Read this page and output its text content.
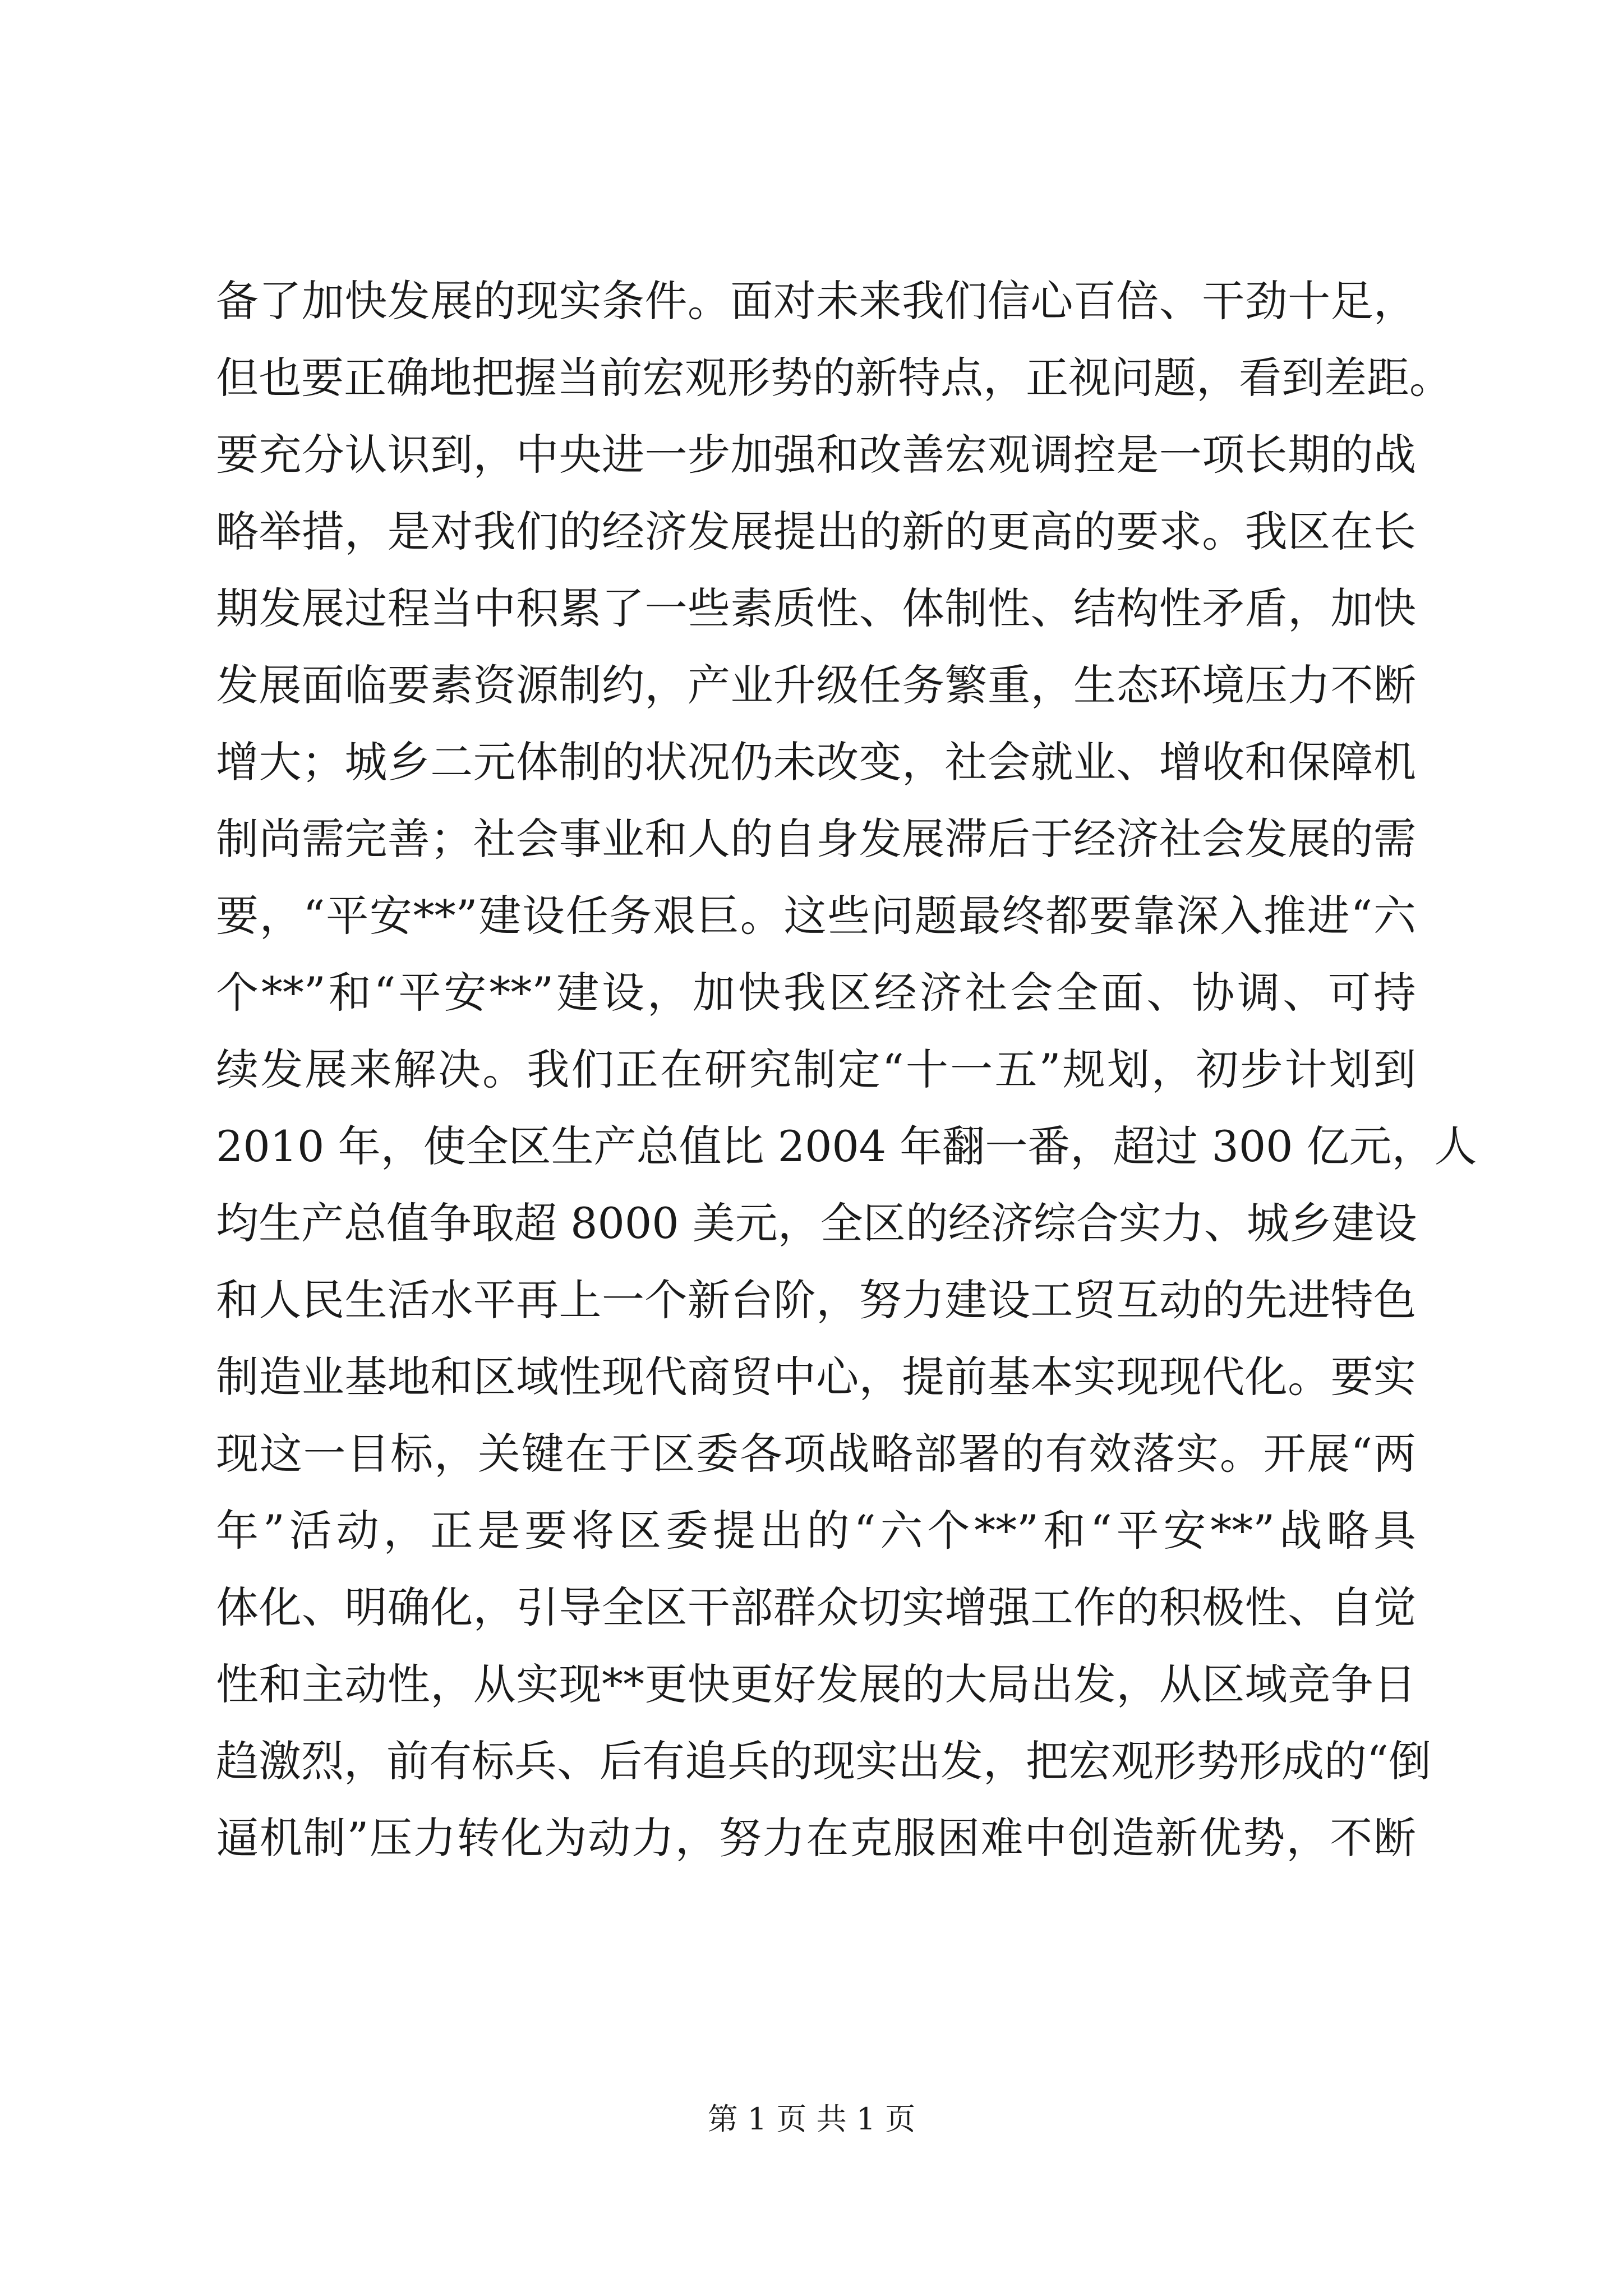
备了加快发展的现实条件。面对未来我们信心百倍、干劲十足，
但也要正确地把握当前宏观形势的新特点，正视问题，看到差距。
要充分认识到，中央进一步加强和改善宏观调控是一项长期的战
略举措，是对我们的经济发展提出的新的更高的要求。我区在长
期发展过程当中积累了一些素质性、体制性、结构性矛盾，加快
发展面临要素资源制约，产业升级任务繁重，生态环境压力不断
增大；城乡二元体制的状况仍未改变，社会就业、增收和保障机
制尚需完善；社会事业和人的自身发展滞后于经济社会发展的需
要，“平安**”建设任务艰巨。这些问题最终都要靠深入推进“六
个**”和“平安**”建设，加快我区经济社会全面、协调、可持
续发展来解决。我们正在研究制定“十一五”规划，初步计划到
2010 年，使全区生产总值比 2004 年翻一番，超过 300 亿元，人
均生产总值争取超 8000 美元，全区的经济综合实力、城乡建设
和人民生活水平再上一个新台阶，努力建设工贸互动的先进特色
制造业基地和区域性现代商贸中心，提前基本实现现代化。要实
现这一目标，关键在于区委各项战略部署的有效落实。开展“两
年”活动，正是要将区委提出的“六个**”和“平安**”战略具
体化、明确化，引导全区干部群众切实增强工作的积极性、自觉
性和主动性，从实现**更快更好发展的大局出发，从区域竞争日
趋激烈，前有标兵、后有追兵的现实出发，把宏观形势形成的“倒
逼机制”压力转化为动力，努力在克服困难中创造新优势，不断
第 1 页 共 1 页
